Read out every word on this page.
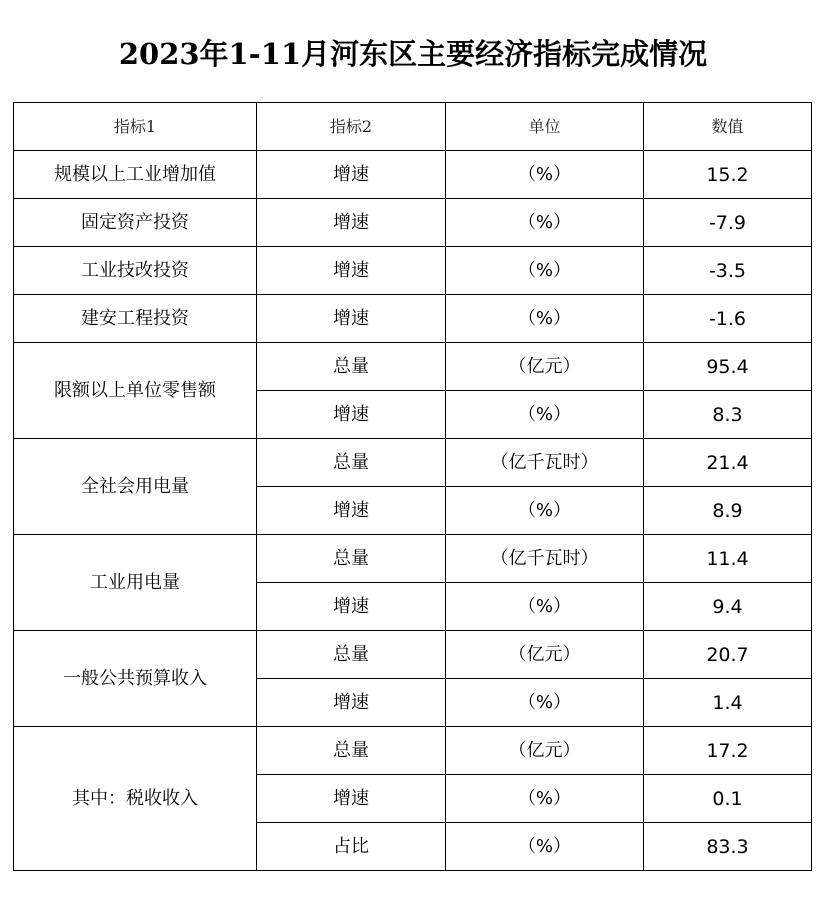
2023年1-11月河东区主要经济指标完成情况
指标1	指标2	单位	数值
规模以上工业增加值	增速	（%）	15.2
固定资产投资	增速	（%）	-7.9
工业技改投资	增速	（%）	-3.5
建安工程投资	增速	（%）	-1.6
限额以上单位零售额	总量	（亿元）	95.4
	增速	（%）	8.3
全社会用电量	总量	（亿千瓦时）	21.4
	增速	（%）	8.9
工业用电量	总量	（亿千瓦时）	11.4
	增速	（%）	9.4
一般公共预算收入	总量	（亿元）	20.7
	增速	（%）	1.4
其中：税收收入	总量	（亿元）	17.2
	增速	（%）	0.1
	占比	（%）	83.3
